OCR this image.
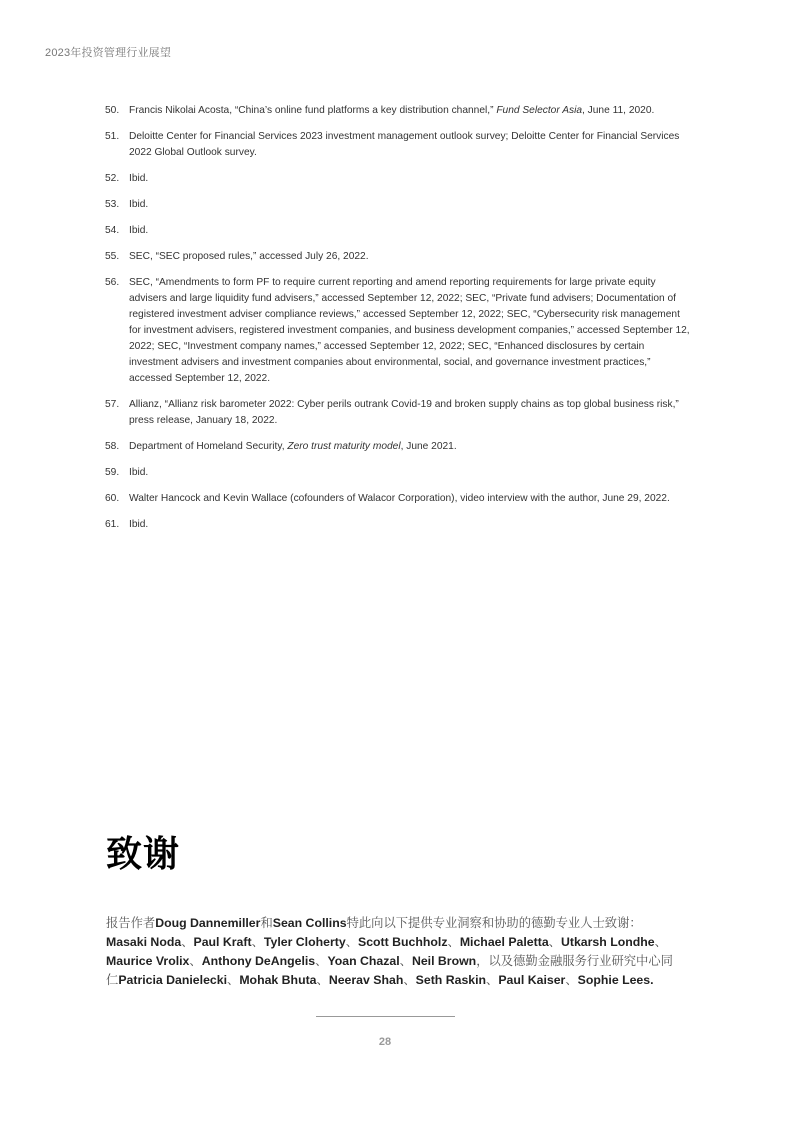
2023年投资管理行业展望
50. Francis Nikolai Acosta, “China’s online fund platforms a key distribution channel,” Fund Selector Asia, June 11, 2020.
51. Deloitte Center for Financial Services 2023 investment management outlook survey; Deloitte Center for Financial Services 2022 Global Outlook survey.
52. Ibid.
53. Ibid.
54. Ibid.
55. SEC, “SEC proposed rules,” accessed July 26, 2022.
56. SEC, “Amendments to form PF to require current reporting and amend reporting requirements for large private equity advisers and large liquidity fund advisers,” accessed September 12, 2022; SEC, “Private fund advisers; Documentation of registered investment adviser compliance reviews,” accessed September 12, 2022; SEC, “Cybersecurity risk management for investment advisers, registered investment companies, and business development companies,” accessed September 12, 2022; SEC, “Investment company names,” accessed September 12, 2022; SEC, “Enhanced disclosures by certain investment advisers and investment companies about environmental, social, and governance investment practices,” accessed September 12, 2022.
57. Allianz, “Allianz risk barometer 2022: Cyber perils outrank Covid-19 and broken supply chains as top global business risk,” press release, January 18, 2022.
58. Department of Homeland Security, Zero trust maturity model, June 2021.
59. Ibid.
60. Walter Hancock and Kevin Wallace (cofounders of Walacor Corporation), video interview with the author, June 29, 2022.
61. Ibid.
致谢
报告作者Doug Dannemiller和Sean Collins特此向以下提供专业洞察和协助的德勤专业人士致谢：Masaki Noda、Paul Kraft、Tyler Cloherty、Scott Buchholz、Michael Paletta、Utkarsh Londhe、Maurice Vrolix、Anthony DeAngelis、Yoan Chazal、Neil Brown，以及德勤金融服务行业研究中心同仁Patricia Danielecki、Mohak Bhuta、Neerav Shah、Seth Raskin、Paul Kaiser、Sophie Lees.
28
